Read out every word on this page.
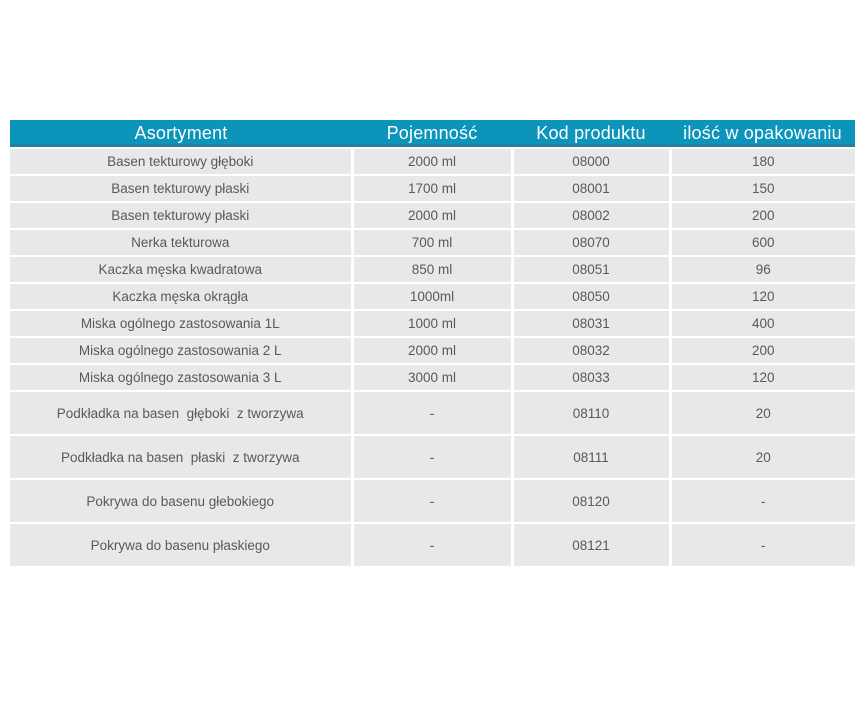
Asortyment	Pojemność	Kod produktu	ilość w opakowaniu
Basen tekturowy głęboki	2000 ml	08000	180
Basen tekturowy płaski	1700 ml	08001	150
Basen tekturowy płaski	2000 ml	08002	200
Nerka tekturowa	700 ml	08070	600
Kaczka męska kwadratowa	850 ml	08051	96
Kaczka męska okrągła	1000ml	08050	120
Miska ogólnego zastosowania 1L	1000 ml	08031	400
Miska ogólnego zastosowania 2 L	2000 ml	08032	200
Miska ogólnego zastosowania 3 L	3000 ml	08033	120
Podkładka na basen  głęboki  z tworzywa	-	08110	20
Podkładka na basen  płaski  z tworzywa	-	08111	20
Pokrywa do basenu głebokiego	-	08120	-
Pokrywa do basenu płaskiego	-	08121	-
